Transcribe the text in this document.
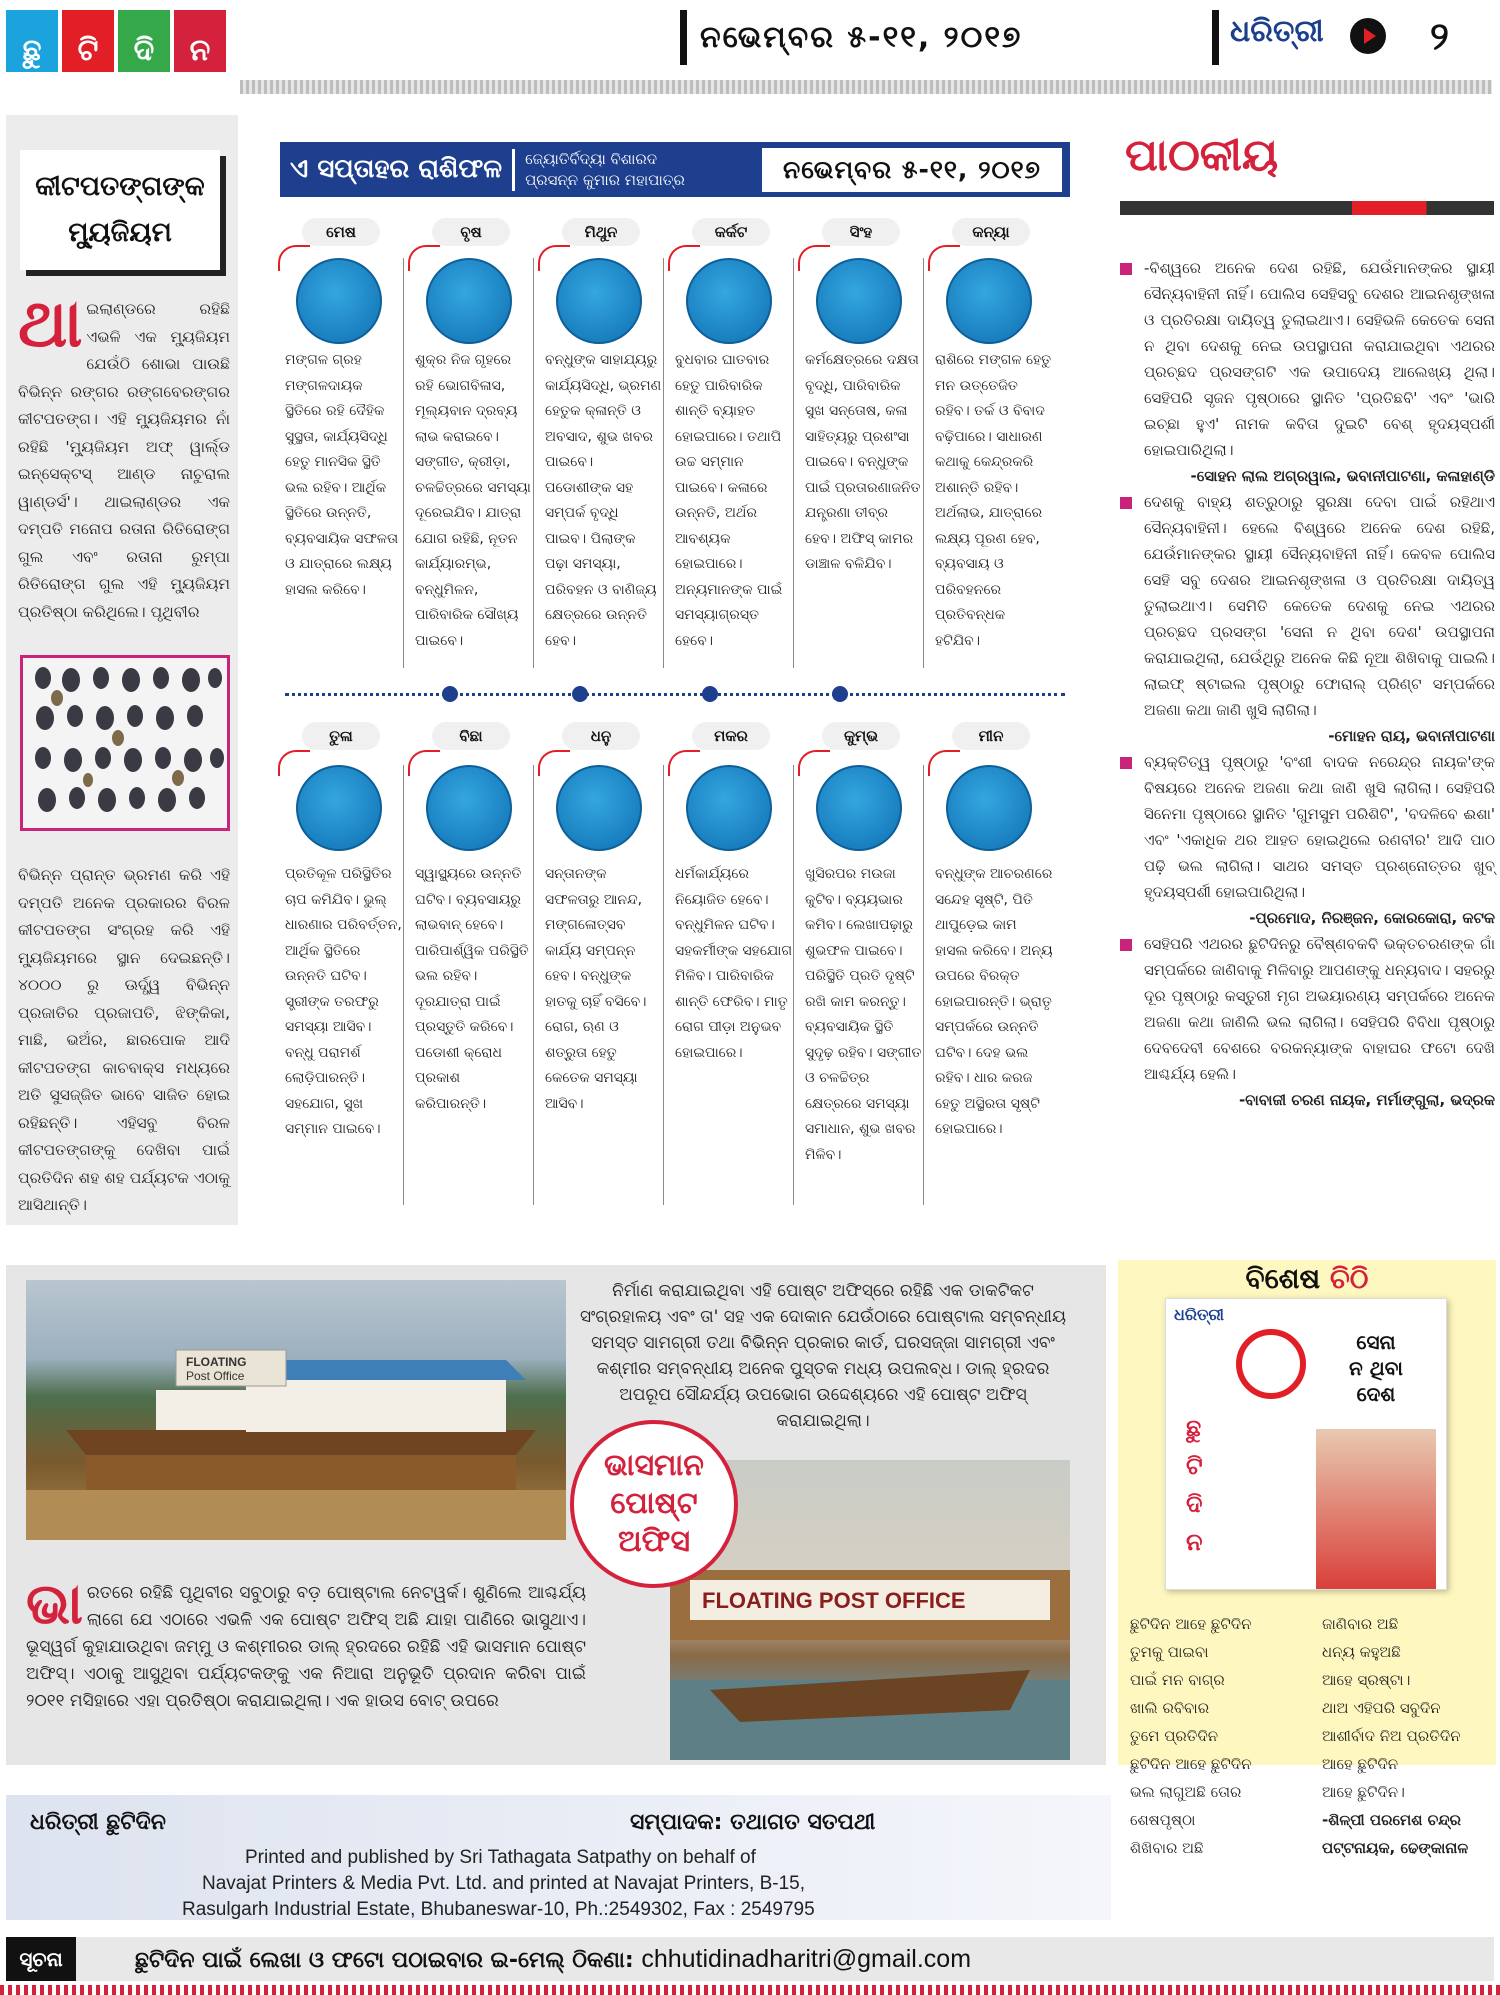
ଛୁ	ଟି	ଦି	ନ	ନଭେମ୍ବର ୫-୧୧, ୨୦୧୭	ଧରିତ୍ରୀ	୨
କୀଟପତଙ୍ଗଙ୍କ
ମ୍ୟୁଜିୟମ
ଥା ଇଲାଣ୍ଡରେ ରହିଛି ଏଭଳି ଏକ ମ୍ୟୁଜିୟମ ଯେଉଁଠି ଶୋଭା ପାଉଛି ବିଭିନ୍ନ ରଙ୍ଗର ରଙ୍ଗବେରଙ୍ଗର କୀଟପତଙ୍ଗ। ଏହି ମ୍ୟୁଜିୟମର ନାଁ ରହିଛି 'ମ୍ୟୁଜିୟମ ଅଫ୍ ୱାର୍ଲ୍ଡ ଇନ୍‌ସେକ୍ଟସ୍ ଆଣ୍ଡ ନାଚୁରାଲ ୱାଣ୍ଡର୍ସ'। ଥାଇଲାଣ୍ଡର ଏକ ଦମ୍ପତି ମନୋପ ରତାନା ରିତିରୋଙ୍ଗ ଗୁଲ ଏବଂ ରତାନା ରୁମ୍ପା ରିତିରୋଙ୍ଗ ଗୁଲ ଏହି ମ୍ୟୁଜିୟମ ପ୍ରତିଷ୍ଠା କରିଥିଲେ। ପୃଥିବୀର
ବିଭିନ୍ନ ପ୍ରାନ୍ତ ଭ୍ରମଣ କରି ଏହି ଦମ୍ପତି ଅନେକ ପ୍ରକାରର ବିରଳ କୀଟପତଙ୍ଗ ସଂଗ୍ରହ କରି ଏହି ମ୍ୟୁଜିୟମରେ ସ୍ଥାନ ଦେଇଛନ୍ତି। ୪୦୦୦ ରୁ ଊର୍ଦ୍ଧ୍ୱ ବିଭିନ୍ନ ପ୍ରଜାତିର ପ୍ରଜାପତି, ଝିଙ୍କିକା, ମାଛି, ଭଅଁର, ଛାରପୋକ ଆଦି କୀଟପତଙ୍ଗ କାଚବାକ୍ସ ମଧ୍ୟରେ ଅତି ସୁସଜ୍ଜିତ ଭାବେ ସାଜିତ ହୋଇ ରହିଛନ୍ତି। ଏହିସବୁ ବିରଳ କୀଟପତଙ୍ଗଙ୍କୁ ଦେଖିବା ପାଇଁ ପ୍ରତିଦିନ ଶହ ଶହ ପର୍ଯ୍ୟଟକ ଏଠାକୁ ଆସିଥାନ୍ତି।
ଏ ସପ୍ତାହର ରାଶିଫଳ	ଜ୍ୟୋତିର୍ବିଦ୍ୟା ବିଶାରଦ
ପ୍ରସନ୍ନ କୁମାର ମହାପାତ୍ର	ନଭେମ୍ବର ୫-୧୧, ୨୦୧୭
ମେଷ
ମଙ୍ଗଳ ଗ୍ରହ ମଙ୍ଗଳଦାୟକ ସ୍ଥିତିରେ ରହି ଦୈହିକ ସୁସ୍ଥତା, କାର୍ଯ୍ୟସିଦ୍ଧି ହେତୁ ମାନସିକ ସ୍ଥିତି ଭଲ ରହିବ। ଆର୍ଥିକ ସ୍ଥିତିରେ ଉନ୍ନତି, ବ୍ୟବସାୟିକ ସଫଳତା ଓ ଯାତ୍ରାରେ ଲକ୍ଷ୍ୟ ହାସଲ କରିବେ।
ବୃଷ
ଶୁକ୍ର ନିଜ ଗୃହରେ ରହି ଭୋଗବିଳାସ, ମୂଲ୍ୟବାନ ଦ୍ରବ୍ୟ ଲାଭ କରାଇବେ। ସଙ୍ଗୀତ, କ୍ରୀଡ଼ା, ଚଳଚ୍ଚିତ୍ରରେ ସମସ୍ୟା ଦୂରେଇଯିବ। ଯାତ୍ରା ଯୋଗ ରହିଛି, ନୂତନ କାର୍ଯ୍ୟାରମ୍ଭ, ବନ୍ଧୁମିଳନ, ପାରିବାରିକ ସୌଖ୍ୟ ପାଇବେ।
ମିଥୁନ
ବନ୍ଧୁଙ୍କ ସାହାଯ୍ୟରୁ କାର୍ଯ୍ୟସିଦ୍ଧି, ଭ୍ରମଣ ହେତୁକ କ୍ଳାନ୍ତି ଓ ଅବସାଦ, ଶୁଭ ଖବର ପାଇବେ। ପଡୋଶୀଙ୍କ ସହ ସମ୍ପର୍କ ବୃଦ୍ଧି ପାଇବ। ପିଲାଙ୍କ ପଢ଼ା ସମସ୍ୟା, ପରିବହନ ଓ ବାଣିଜ୍ୟ କ୍ଷେତ୍ରରେ ଉନ୍ନତି ହେବ।
କର୍କଟ
ବୁଧବାର ଘାତବାର ହେତୁ ପାରିବାରିକ ଶାନ୍ତି ବ୍ୟାହତ ହୋଇପାରେ। ତଥାପି ଉଚ୍ଚ ସମ୍ମାନ ପାଇବେ। କଳାରେ ଉନ୍ନତି, ଅର୍ଥର ଆବଶ୍ୟକ ହୋଇପାରେ। ଅନ୍ୟମାନଙ୍କ ପାଇଁ ସମସ୍ୟାଗ୍ରସ୍ତ ହେବେ।
ସିଂହ
କର୍ମକ୍ଷେତ୍ରରେ ଦକ୍ଷତା ବୃଦ୍ଧି, ପାରିବାରିକ ସୁଖ ସନ୍ତୋଷ, କଳା ସାହିତ୍ୟରୁ ପ୍ରଶଂସା ପାଇବେ। ବନ୍ଧୁଙ୍କ ପାଇଁ ପ୍ରତାରଣାଜନିତ ଯନ୍ତ୍ରଣା ତୀବ୍ର ହେବ। ଅଫିସ୍ କାମର ଡାଞ୍ଚାଳ ବଳିଯିବ।
କନ୍ୟା
ରାଶିରେ ମଙ୍ଗଳ ହେତୁ ମନ ଉତ୍ତେଜିତ ରହିବ। ତର୍କ ଓ ବିବାଦ ବଢ଼ିପାରେ। ସାଧାରଣ କଥାକୁ କେନ୍ଦ୍ରକରି ଅଶାନ୍ତି ରହିବ। ଅର୍ଥଲାଭ, ଯାତ୍ରାରେ ଲକ୍ଷ୍ୟ ପୂରଣ ହେବ, ବ୍ୟବସାୟ ଓ ପରିବହନରେ ପ୍ରତିବନ୍ଧକ ହଟିଯିବ।
ତୁଳା
ପ୍ରତିକୂଳ ପରିସ୍ଥିତିର ଚାପ କମିଯିବ। ଭୁଲ୍ ଧାରଣାର ପରିବର୍ତ୍ତନ, ଆର୍ଥିକ ସ୍ଥିତିରେ ଉନ୍ନତି ଘଟିବ। ସ୍ତ୍ରୀଙ୍କ ତରଫରୁ ସମସ୍ୟା ଆସିବ। ବନ୍ଧୁ ପରାମର୍ଶ ଲୋଡ଼ିପାରନ୍ତି। ସହଯୋଗ, ସୁଖ ସମ୍ମାନ ପାଇବେ।
ବିଛା
ସ୍ୱାସ୍ଥ୍ୟରେ ଉନ୍ନତି ଘଟିବ। ବ୍ୟବସାୟରୁ ଲାଭବାନ୍ ହେବେ। ପାରିପାର୍ଶ୍ୱିକ ପରିସ୍ଥିତି ଭଲ ରହିବ। ଦୂରଯାତ୍ରା ପାଇଁ ପ୍ରସ୍ତୁତି କରିବେ। ପଡୋଶୀ କ୍ରୋଧ ପ୍ରକାଶ କରିପାରନ୍ତି।
ଧନୁ
ସନ୍ତାନଙ୍କ ସଫଳତାରୁ ଆନନ୍ଦ, ମଙ୍ଗଳୋତ୍ସବ କାର୍ଯ୍ୟ ସମ୍ପନ୍ନ ହେବ। ବନ୍ଧୁଙ୍କ ହାତକୁ ଚାହିଁ ବସିବେ। ରୋଗ, ଋଣ ଓ ଶତ୍ରୁତା ହେତୁ କେତେକ ସମସ୍ୟା ଆସିବ।
ମକର
ଧର୍ମକାର୍ଯ୍ୟରେ ନିୟୋଜିତ ହେବେ। ବନ୍ଧୁମିଳନ ଘଟିବ। ସହକର୍ମୀଙ୍କ ସହଯୋଗ ମିଳିବ। ପାରିବାରିକ ଶାନ୍ତି ଫେରିବ। ମାତୃ ରୋଗ ପୀଡ଼ା ଅନୁଭବ ହୋଇପାରେ।
କୁମ୍ଭ
ଖୁସିରପର ମଉଜା କୁଟିବ। ବ୍ୟୟଭାର କମିବ। ଲେଖାପଢ଼ାରୁ ଶୁଭଫଳ ପାଇବେ। ପରିସ୍ଥିତି ପ୍ରତି ଦୃଷ୍ଟି ରଖି କାମ କରନ୍ତୁ। ବ୍ୟବସାୟିକ ସ୍ଥିତି ସୁଦୃଢ଼ ରହିବ। ସଙ୍ଗୀତ ଓ ଚଳଚ୍ଚିତ୍ର କ୍ଷେତ୍ରରେ ସମସ୍ୟା ସମାଧାନ, ଶୁଭ ଖବର ମିଳିବ।
ମୀନ
ବନ୍ଧୁଙ୍କ ଆଚରଣରେ ସନ୍ଦେହ ସୃଷ୍ଟି, ପିତି ଥାପୁଡ଼େଇ କାମ ହାସଲ କରିବେ। ଅନ୍ୟ ଉପରେ ବିରକ୍ତ ହୋଇପାରନ୍ତି। ଭ୍ରାତୃ ସମ୍ପର୍କରେ ଉନ୍ନତି ଘଟିବ। ଦେହ ଭଲ ରହିବ। ଧାର କରଜ ହେତୁ ଅସ୍ଥିରତା ସୃଷ୍ଟି ହୋଇପାରେ।
ପା୦କୀୟ
-ବିଶ୍ୱରେ ଅନେକ ଦେଶ ରହିଛି, ଯେଉଁମାନଙ୍କର ସ୍ଥାୟୀ ସୈନ୍ୟବାହିନୀ ନାହିଁ। ପୋଲିସ ସେହିସବୁ ଦେଶର ଆଇନଶୃଙ୍ଖଳା ଓ ପ୍ରତିରକ୍ଷା ଦାୟିତ୍ୱ ତୁଲାଇଥାଏ। ସେହିଭଳି କେତେକ ସେନା ନ ଥିବା ଦେଶକୁ ନେଇ ଉପସ୍ଥାପନା କରାଯାଇଥିବା ଏଥରର ପ୍ରଚ୍ଛଦ ପ୍ରସଙ୍ଗଟି ଏକ ଉପାଦେୟ ଆଲେଖ୍ୟ ଥିଲା। ସେହିପରି ସୃଜନ ପୃଷ୍ଠାରେ ସ୍ଥାନିତ 'ପ୍ରତିଛବି' ଏବଂ 'ଭାରି ଇଚ୍ଛା ହୁଏ' ନାମକ କବିତା ଦୁଇଟି ବେଶ୍ ହୃଦୟସ୍ପର୍ଶୀ ହୋଇପାରିଥିଲା।
-ସୋହନ ଲାଲ ଅଗ୍ରୱାଲ, ଭବାନୀପାଟଣା, କଳାହାଣ୍ଡି
ଦେଶକୁ ବାହ୍ୟ ଶତ୍ରୁଠାରୁ ସୁରକ୍ଷା ଦେବା ପାଇଁ ରହିଥାଏ ସୈନ୍ୟବାହିନୀ। ହେଲେ ବିଶ୍ୱରେ ଅନେକ ଦେଶ ରହିଛି, ଯେଉଁମାନଙ୍କର ସ୍ଥାୟୀ ସୈନ୍ୟବାହିନୀ ନାହିଁ। କେବଳ ପୋଲିସ ସେହି ସବୁ ଦେଶର ଆଇନଶୃଙ୍ଖଳା ଓ ପ୍ରତିରକ୍ଷା ଦାୟିତ୍ୱ ତୁଲାଇଥାଏ। ସେମିତି କେତେକ ଦେଶକୁ ନେଇ ଏଥରର ପ୍ରଚ୍ଛଦ ପ୍ରସଙ୍ଗ 'ସେନା ନ ଥିବା ଦେଶ' ଉପସ୍ଥାପନା କରାଯାଇଥିଲା, ଯେଉଁଥିରୁ ଅନେକ କିଛି ନୂଆ ଶିଖିବାକୁ ପାଇଲି। ଲାଇଫ୍ ଷ୍ଟାଇଲ ପୃଷ୍ଠାରୁ ଫୋରାଲ୍ ପ୍ରିଣ୍ଟ ସମ୍ପର୍କରେ ଅଜଣା କଥା ଜାଣି ଖୁସି ଲାଗିଲା।
-ମୋହନ ରାୟ, ଭବାନୀପାଟଣା
ବ୍ୟକ୍ତିତ୍ୱ ପୃଷ୍ଠାରୁ 'ବଂଶୀ ବାଦକ ନରେନ୍ଦ୍ର ନାୟକ'ଙ୍କ ବିଷୟରେ ଅନେକ ଅଜଣା କଥା ଜାଣି ଖୁସି ଲାଗିଲା। ସେହିପରି ସିନେମା ପୃଷ୍ଠାରେ ସ୍ଥାନିତ 'ଗୁମସୁମ ପରିଶିଟି', 'ବଦଳିବେ ଈଶା' ଏବଂ 'ଏକାଧିକ ଥର ଆହତ ହୋଇଥିଲେ ରଣବୀର' ଆଦି ପାଠ ପଢ଼ି ଭଲ ଲାଗିଲା। ସାଥର ସମସ୍ତ ପ୍ରଶ୍ନୋତ୍ତର ଖୁବ୍ ହୃଦୟସ୍ପର୍ଶୀ ହୋଇପାରିଥିଲା।
-ପ୍ରମୋଦ, ନିରଞ୍ଜନ, କୋରକୋରା, କଟକ
ସେହିପରି ଏଥରର ଛୁଟିଦିନରୁ ବୈଷ୍ଣବକବି ଭକ୍ତଚରଣଙ୍କ ଗାଁ ସମ୍ପର୍କରେ ଜାଣିବାକୁ ମିଳିବାରୁ ଆପଣଙ୍କୁ ଧନ୍ୟବାଦ। ସହରରୁ ଦୂର ପୃଷ୍ଠାରୁ କସ୍ତୁରୀ ମୃଗ ଅଭୟାରଣ୍ୟ ସମ୍ପର୍କରେ ଅନେକ ଅଜଣା କଥା ଜାଣିଲି ଭଲ ଲାଗିଲା। ସେହିପରି ବିବିଧା ପୃଷ୍ଠାରୁ ଦେବଦେବୀ ବେଶରେ ବରକନ୍ୟାଙ୍କ ବାହାଘର ଫଟୋ ଦେଖି ଆଶ୍ଚର୍ଯ୍ୟ ହେଲି।
-ବାବାଜୀ ଚରଣ ନାୟକ, ମର୍ମାଙ୍ଗୁଲା, ଭଦ୍ରକ
FLOATING
Post Office
FLOATING POST OFFICE
ଭାସମାନ
ପୋଷ୍ଟ
ଅଫିସ
ନିର୍ମାଣ କରାଯାଇଥିବା ଏହି ପୋଷ୍ଟ ଅଫିସ୍‌ରେ ରହିଛି ଏକ ଡାକଟିକଟ ସଂଗ୍ରହାଳୟ ଏବଂ ତା' ସହ ଏକ ଦୋକାନ ଯେଉଁଠାରେ ପୋଷ୍ଟାଲ ସମ୍ବନ୍ଧୀୟ ସମସ୍ତ ସାମଗ୍ରୀ ତଥା ବିଭିନ୍ନ ପ୍ରକାର କାର୍ଡ, ଘରସଜ୍ଜା ସାମଗ୍ରୀ ଏବଂ କଶ୍ମୀର ସମ୍ବନ୍ଧୀୟ ଅନେକ ପୁସ୍ତକ ମଧ୍ୟ ଉପଲବ୍ଧ। ଡାଲ୍ ହ୍ରଦର ଅପରୂପ ସୌନ୍ଦର୍ଯ୍ୟ ଉପଭୋଗ ଉଦ୍ଦେଶ୍ୟରେ ଏହି ପୋଷ୍ଟ ଅଫିସ୍ କରାଯାଇଥିଲା।
ଭା ରତରେ ରହିଛି ପୃଥିବୀର ସବୁଠାରୁ ବଡ଼ ପୋଷ୍ଟାଲ ନେଟୱର୍କ। ଶୁଣିଲେ ଆଶ୍ଚର୍ଯ୍ୟ ଲାଗେ ଯେ ଏଠାରେ ଏଭଳି ଏକ ପୋଷ୍ଟ ଅଫିସ୍ ଅଛି ଯାହା ପାଣିରେ ଭାସୁଥାଏ। ଭୂସ୍ୱର୍ଗ କୁହାଯାଉଥିବା ଜମ୍ମୁ ଓ କଶ୍ମୀରର ଡାଲ୍ ହ୍ରଦରେ ରହିଛି ଏହି ଭାସମାନ ପୋଷ୍ଟ ଅଫିସ୍। ଏଠାକୁ ଆସୁଥିବା ପର୍ଯ୍ୟଟକଙ୍କୁ ଏକ ନିଆରା ଅନୁଭୂତି ପ୍ରଦାନ କରିବା ପାଇଁ ୨୦୧୧ ମସିହାରେ ଏହା ପ୍ରତିଷ୍ଠା କରାଯାଇଥିଲା। ଏକ ହାଉସ ବୋଟ୍ ଉପରେ
ବିଶେଷ ଚିଠି
ଧରିତ୍ରୀ
ସେନା
ନ ଥିବା
ଦେଶ
ଛୁ
ଟି
ଦି
ନ
ଛୁଟିଦିନ ଆହେ ଛୁଟିଦିନ
ତୁମକୁ ପାଇବା
ପାଇଁ ମନ ବାଗ୍ର
ଖାଲି ରବିବାର
ତୁମେ ପ୍ରତିଦିନ
ଛୁଟିଦିନ ଆହେ ଛୁଟିଦିନ
ଭଲ ଲାଗୁଅଛି ତୋର
ଶେଷପୃଷ୍ଠା
ଶିଖିବାର ଅଛି
ଜାଣିବାର ଅଛି
ଧନ୍ୟ କହୁଅଛି
ଆହେ ସ୍ରଷ୍ଟା।
ଥାଅ ଏହିପରି ସବୁଦିନ
ଆଶୀର୍ବାଦ ନିଅ ପ୍ରତିଦିନ
ଆହେ ଛୁଟିଦିନ
ଆହେ ଛୁଟିଦିନ।
-ଶିଳ୍ପୀ ପରମେଶ ଚନ୍ଦ୍ର
ପଟ୍ଟନାୟକ, ଢେଙ୍କାନାଳ
ଧରିତ୍ରୀ ଛୁଟିଦିନ	ସମ୍ପାଦକ: ତଥାଗତ ସତପଥୀ
Printed and published by Sri Tathagata Satpathy on behalf of
Navajat Printers & Media Pvt. Ltd. and printed at Navajat Printers, B-15,
Rasulgarh Industrial Estate, Bhubaneswar-10, Ph.:2549302, Fax : 2549795
ସୂଚନା	ଛୁଟିଦିନ ପାଇଁ ଲେଖା ଓ ଫଟୋ ପଠାଇବାର ଇ-ମେଲ୍ ଠିକଣା: chhutidinadharitri@gmail.com
